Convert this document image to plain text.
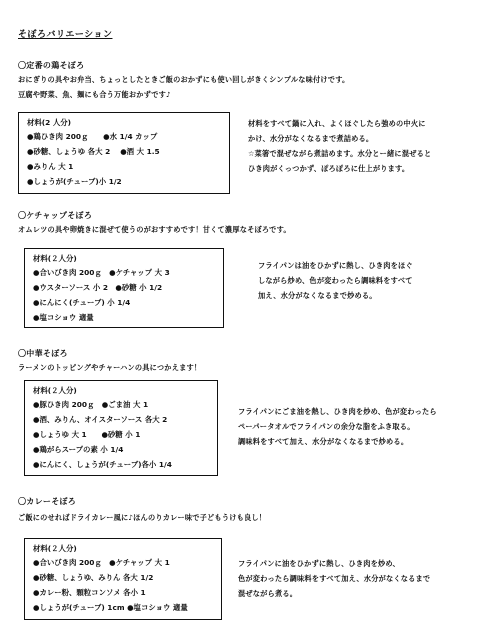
そぼろバリエーション
〇定番の鶏そぼろ
おにぎりの具やお弁当、ちょっとしたときご飯のおかずにも使い回しがきくシンプルな味付けです。
豆腐や野菜、魚、麺にも合う万能おかずです♪

材料(2 人分)

●鶏ひき肉 200ｇ　　●水 1/4 カップ

●砂糖、しょうゆ 各大 2　 ●酒 大 1.5

●みりん 大 1

●しょうが(チューブ)小 1/2

材料をすべて鍋に入れ、よくほぐしたら強めの中火に
かけ、水分がなくなるまで煮詰める。
☆菜箸で混ぜながら煮詰めます。水分とー緒に混ぜると
ひき肉がくっつかず、ぽろぽろに仕上がります。
〇ケチャップそぼろ
オムレツの具や卵焼きに混ぜて使うのがおすすめです！甘くて濃厚なそぼろです。

材料(２人分)

●合いびき肉 200ｇ　●ケチャップ 大 3

●ウスターソース 小 2　●砂糖 小 1/2

●にんにく(チューブ) 小 1/4

●塩コショウ 適量

フライパンは油をひかずに熱し、ひき肉をほぐ
しながら炒め、色が変わったら調味料をすべて
加え、水分がなくなるまで炒める。
〇中華そぼろ
ラーメンのトッピングやチャーハンの具につかえます！

材料(２人分)

●豚ひき肉 200ｇ　●ごま油 大 1

●酒、みりん、オイスターソース 各大 2

●しょうゆ 大 1　　●砂糖 小 1

●鶏がらスープの素 小 1/4

●にんにく、しょうが(チューブ)各小 1/4

フライパンにごま油を熱し、ひき肉を炒め、色が変わったら
ペーパータオルでフライパンの余分な脂をふき取る。
調味料をすべて加え、水分がなくなるまで炒める。
〇カレーそぼろ
ご飯にのせればドライカレー風に♪ほんのりカレー味で子どもうけも良し！

材料(２人分)

●合いびき肉 200ｇ　●ケチャップ 大 1

●砂糖、しょうゆ、みりん 各大 1/2

●カレー粉、顆粒コンソメ 各小 1

●しょうが(チューブ) 1cm ●塩コショウ 適量

フライパンに油をひかずに熱し、ひき肉を炒め、
色が変わったら調味料をすべて加え、水分がなくなるまで
混ぜながら煮る。
